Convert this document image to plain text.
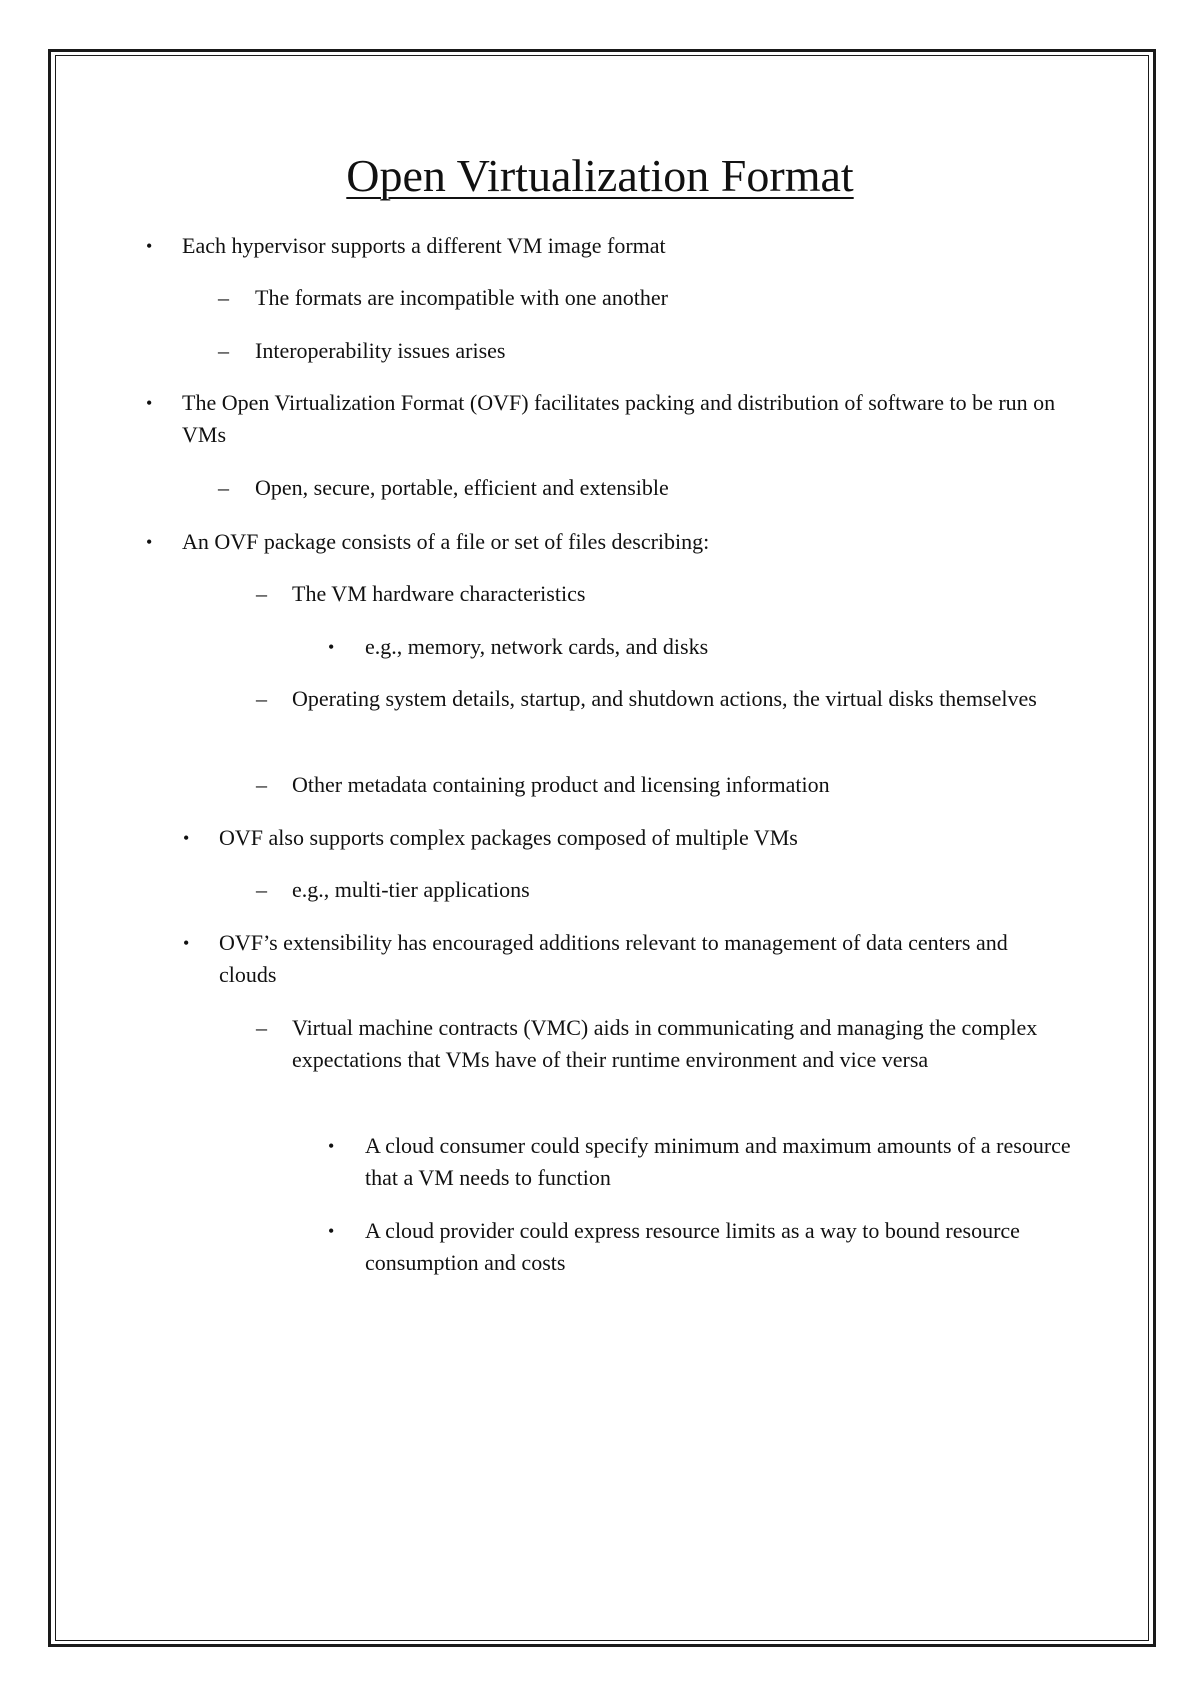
Open Virtualization Format
• Each hypervisor supports a different VM image format
– The formats are incompatible with one another
– Interoperability issues arises
• The Open Virtualization Format (OVF) facilitates packing and distribution of software to be run on VMs
– Open, secure, portable, efficient and extensible
• An OVF package consists of a file or set of files describing:
– The VM hardware characteristics
• e.g., memory, network cards, and disks
– Operating system details, startup, and shutdown actions, the virtual disks themselves
– Other metadata containing product and licensing information
• OVF also supports complex packages composed of multiple VMs
– e.g., multi-tier applications
• OVF’s extensibility has encouraged additions relevant to management of data centers and clouds
– Virtual machine contracts (VMC) aids in communicating and managing the complex expectations that VMs have of their runtime environment and vice versa
• A cloud consumer could specify minimum and maximum amounts of a resource that a VM needs to function
• A cloud provider could express resource limits as a way to bound resource consumption and costs
